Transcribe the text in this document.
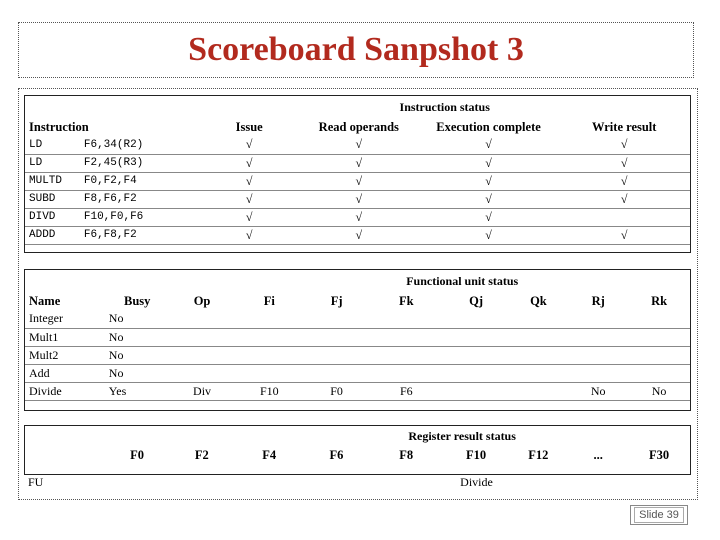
Scoreboard Sanpshot 3
		Instruction status			
Instruction		Issue	Read operands	Execution complete	Write result
LD	F6,34(R2)	√	√	√	√
LD	F2,45(R3)	√	√	√	√
MULTD	F0,F2,F4	√	√	√	√
SUBD	F8,F6,F2	√	√	√	√
DIVD	F10,F0,F6	√	√	√	
ADDD	F6,F8,F2	√	√	√	√
			Functional unit status						
Name	Busy	Op	Fi	Fj	Fk	Qj	Qk	Rj	Rk
Integer	No								
Mult1	No								
Mult2	No								
Add	No								
Divide	Yes	Div	F10	F0	F6			No	No
			Register result status						
	F0	F2	F4	F6	F8	F10	F12	...	F30
FU						Divide			
Slide 39
